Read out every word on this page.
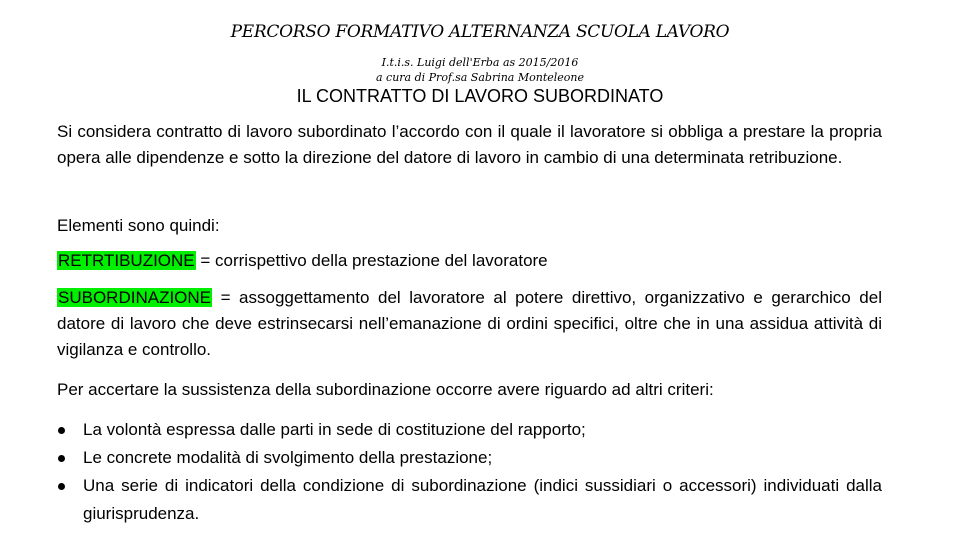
PERCORSO FORMATIVO ALTERNANZA SCUOLA LAVORO
I.t.i.s. Luigi dell'Erba as 2015/2016
a cura di Prof.sa Sabrina Monteleone
IL CONTRATTO DI LAVORO SUBORDINATO
Si considera contratto di lavoro subordinato l’accordo con il quale il lavoratore si obbliga a prestare la propria opera alle dipendenze e sotto la direzione del datore di lavoro in cambio di una determinata retribuzione.
Elementi sono quindi:
RETRTIBUZIONE = corrispettivo della prestazione del lavoratore
SUBORDINAZIONE = assoggettamento del lavoratore al potere direttivo, organizzativo e gerarchico del datore di lavoro che deve estrinsecarsi nell’emanazione di ordini specifici, oltre che in una assidua attività di vigilanza e controllo.
Per accertare la sussistenza della subordinazione occorre avere riguardo ad altri criteri:
La volontà espressa dalle parti in sede di costituzione del rapporto;
Le concrete modalità di svolgimento della prestazione;
Una serie di indicatori della condizione di subordinazione (indici sussidiari o accessori) individuati dalla giurisprudenza.
